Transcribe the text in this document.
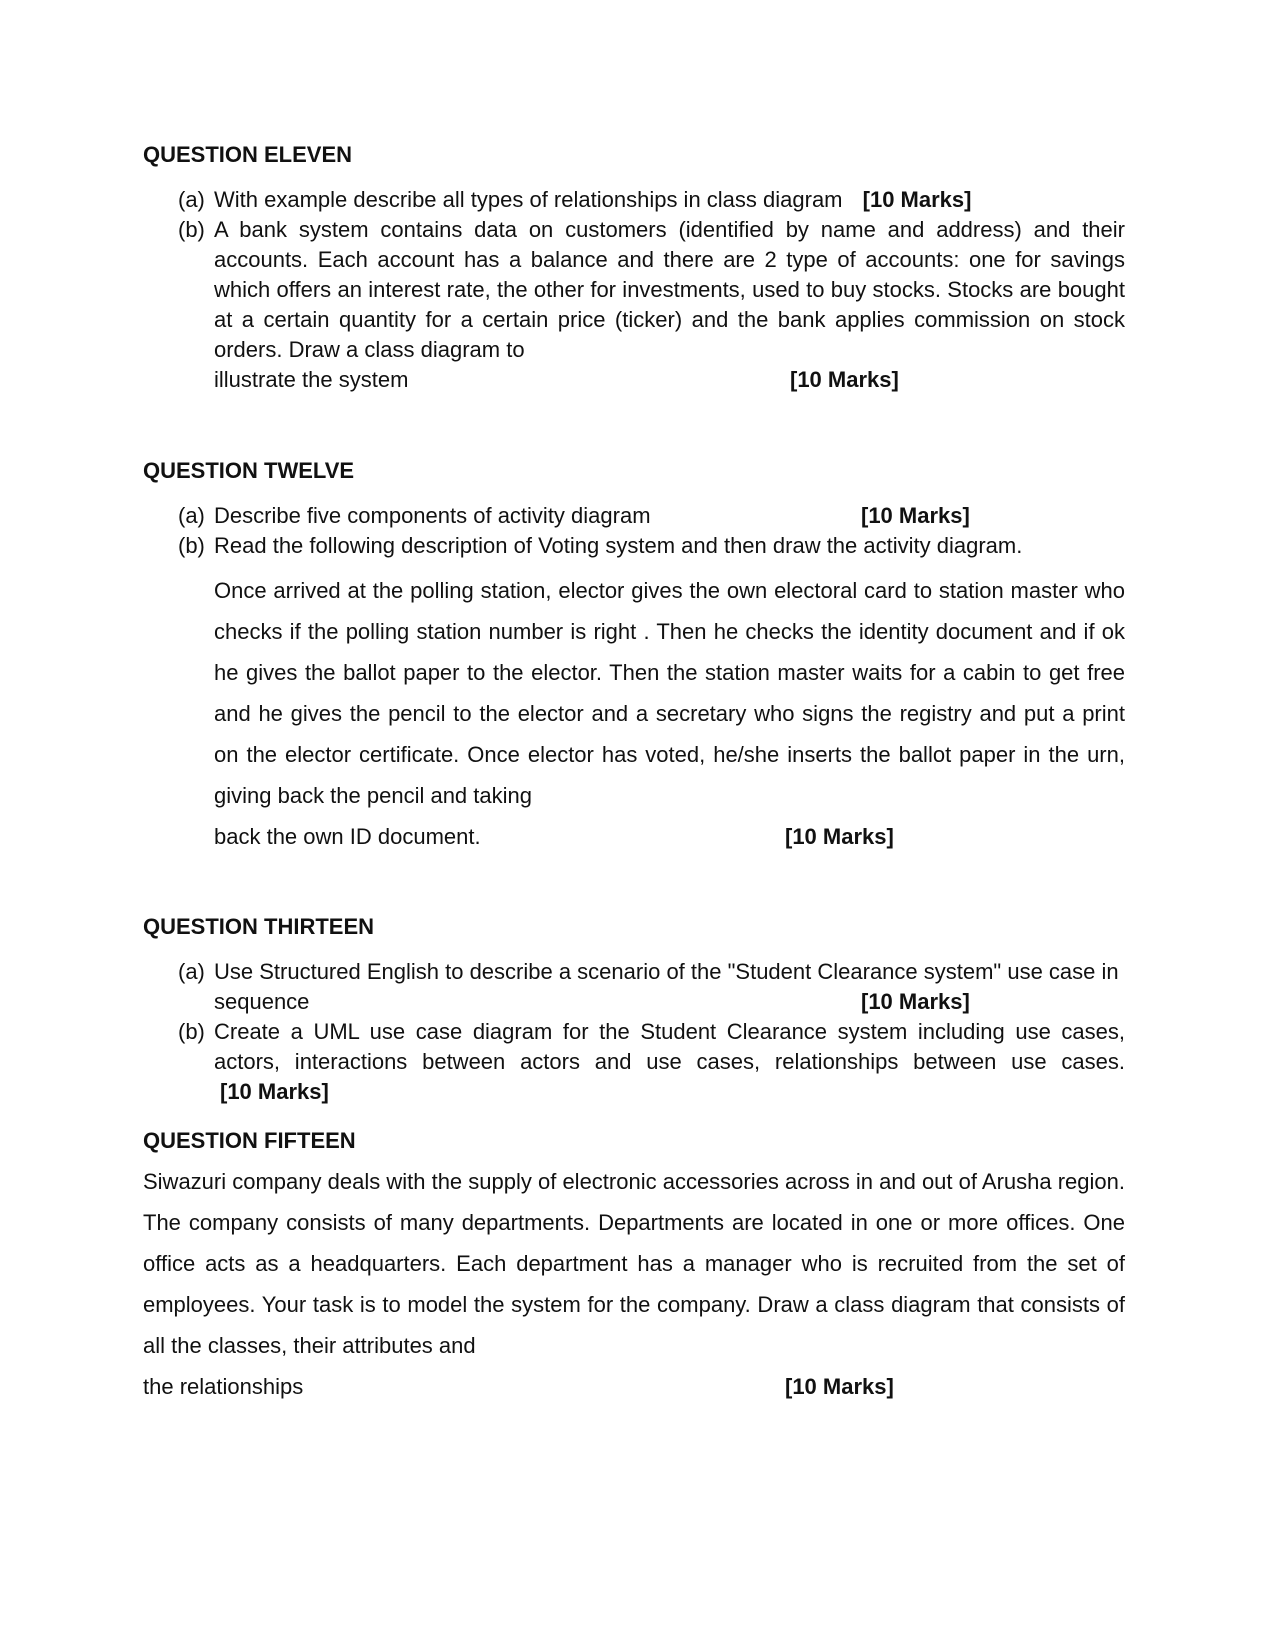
QUESTION ELEVEN

(a) With example describe all types of relationships in class diagram [10 Marks]
(b) A bank system contains data on customers (identified by name and address) and their accounts. Each account has a balance and there are 2 type of accounts: one for savings which offers an interest rate, the other for investments, used to buy stocks. Stocks are bought at a certain quantity for a certain price (ticker) and the bank applies commission on stock orders. Draw a class diagram to
illustrate the system	[10 Marks]

QUESTION TWELVE

(a) Describe five components of activity diagram	[10 Marks]
(b) Read the following description of Voting system and then draw the activity diagram.
Once arrived at the polling station, elector gives the own electoral card to station master who checks if the polling station number is right . Then he checks the identity document and if ok he gives the ballot paper to the elector. Then the station master waits for a cabin to get free and he gives the pencil to the elector and a secretary who signs the registry and put a print on the elector certificate. Once elector has voted, he/she inserts the ballot paper in the urn, giving back the pencil and taking
back the own ID document.	[10 Marks]

QUESTION THIRTEEN

(a) Use Structured English to describe a scenario of the "Student Clearance system" use case in
sequence	[10 Marks]
(b) Create a UML use case diagram for the Student Clearance system including use cases, actors, interactions between actors and use cases, relationships between use cases. [10 Marks]

QUESTION FIFTEEN

Siwazuri company deals with the supply of electronic accessories across in and out of Arusha region. The company consists of many departments. Departments are located in one or more offices. One office acts as a headquarters. Each department has a manager who is recruited from the set of employees. Your task is to model the system for the company. Draw a class diagram that consists of all the classes, their attributes and
the relationships	[10 Marks]
